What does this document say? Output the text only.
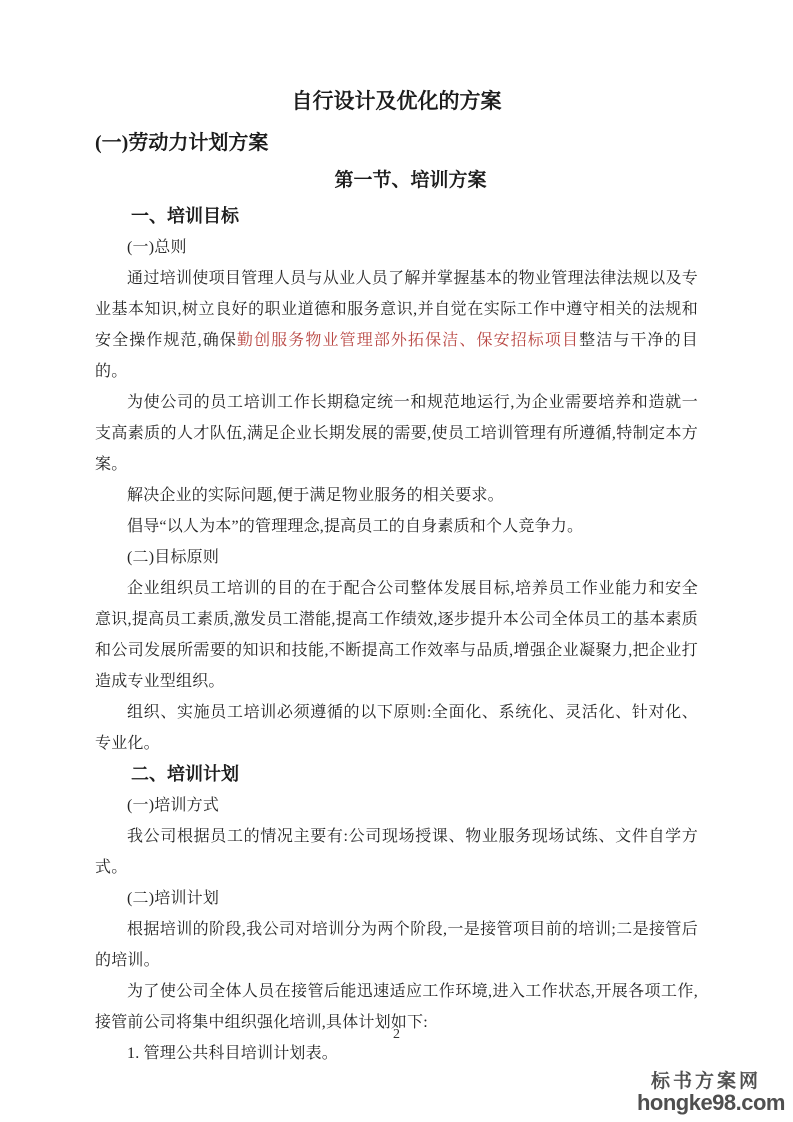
自行设计及优化的方案
(一)劳动力计划方案
第一节、培训方案

一、培训目标

(一)总则

通过培训使项目管理人员与从业人员了解并掌握基本的物业管理法律法规以及专业基本知识,树立良好的职业道德和服务意识,并自觉在实际工作中遵守相关的法规和安全操作规范,确保勤创服务物业管理部外拓保洁、保安招标项目整洁与干净的目的。

为使公司的员工培训工作长期稳定统一和规范地运行,为企业需要培养和造就一支高素质的人才队伍,满足企业长期发展的需要,使员工培训管理有所遵循,特制定本方案。

解决企业的实际问题,便于满足物业服务的相关要求。

倡导“以人为本”的管理理念,提高员工的自身素质和个人竞争力。

(二)目标原则

企业组织员工培训的目的在于配合公司整体发展目标,培养员工作业能力和安全意识,提高员工素质,激发员工潜能,提高工作绩效,逐步提升本公司全体员工的基本素质和公司发展所需要的知识和技能,不断提高工作效率与品质,增强企业凝聚力,把企业打造成专业型组织。

组织、实施员工培训必须遵循的以下原则:全面化、系统化、灵活化、针对化、专业化。

二、培训计划

(一)培训方式

我公司根据员工的情况主要有:公司现场授课、物业服务现场试练、文件自学方式。

(二)培训计划

根据培训的阶段,我公司对培训分为两个阶段,一是接管项目前的培训;二是接管后的培训。

为了使公司全体人员在接管后能迅速适应工作环境,进入工作状态,开展各项工作,接管前公司将集中组织强化培训,具体计划如下:

1. 管理公共科目培训计划表。

2
标书方案网
hongke98.com
